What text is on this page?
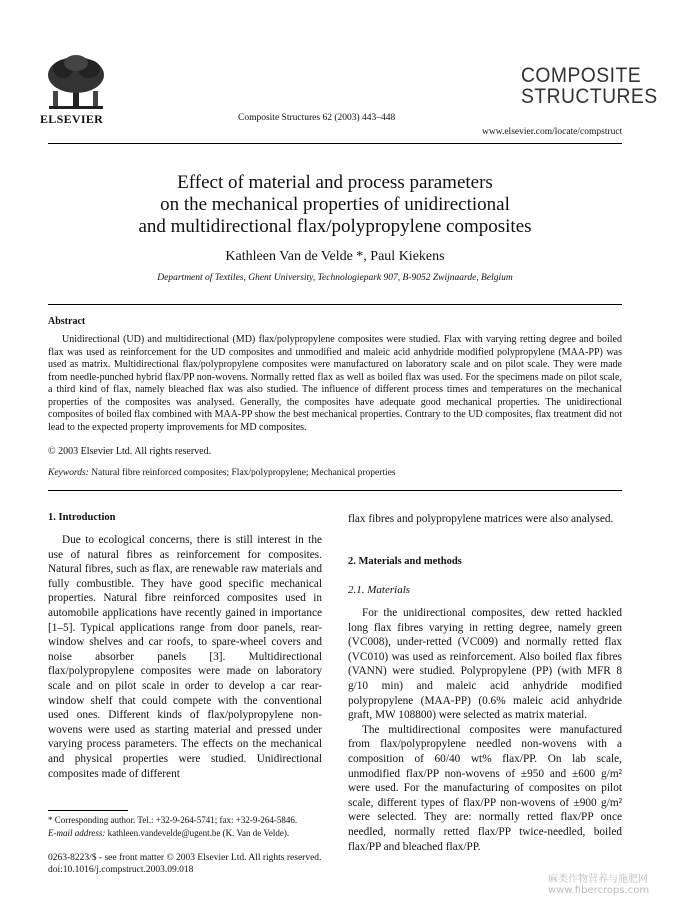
ELSEVIER	Composite Structures 62 (2003) 443–448
COMPOSITE
STRUCTURES
www.elsevier.com/locate/compstruct
Effect of material and process parameters
on the mechanical properties of unidirectional
and multidirectional flax/polypropylene composites
Kathleen Van de Velde *, Paul Kiekens
Department of Textiles, Ghent University, Technologiepark 907, B-9052 Zwijnaarde, Belgium
Abstract
Unidirectional (UD) and multidirectional (MD) flax/polypropylene composites were studied. Flax with varying retting degree and boiled flax was used as reinforcement for the UD composites and unmodified and maleic acid anhydride modified polypropylene (MAA-PP) was used as matrix. Multidirectional flax/polypropylene composites were manufactured on laboratory scale and on pilot scale. They were made from needle-punched hybrid flax/PP non-wovens. Normally retted flax as well as boiled flax was used. For the specimens made on pilot scale, a third kind of flax, namely bleached flax was also studied. The influence of different process times and temperatures on the mechanical properties of the composites was analysed. Generally, the composites have adequate good mechanical properties. The unidirectional composites of boiled flax combined with MAA-PP show the best mechanical properties. Contrary to the UD composites, flax treatment did not lead to the expected property improvements for MD composites.
© 2003 Elsevier Ltd. All rights reserved.
Keywords: Natural fibre reinforced composites; Flax/polypropylene; Mechanical properties
1. Introduction

Due to ecological concerns, there is still interest in the use of natural fibres as reinforcement for composites. Natural fibres, such as flax, are renewable raw materials and fully combustible. They have good specific mechanical properties. Natural fibre reinforced composites used in automobile applications have recently gained in importance [1–5]. Typical applications range from door panels, rear-window shelves and car roofs, to spare-wheel covers and noise absorber panels [3]. Multidirectional flax/polypropylene composites were made on laboratory scale and on pilot scale in order to develop a car rear-window shelf that could compete with the conventional used ones. Different kinds of flax/polypropylene non-wovens were used as starting material and pressed under varying process parameters. The effects on the mechanical and physical properties were studied. Unidirectional composites made of different

flax fibres and polypropylene matrices were also analysed.
2. Materials and methods
2.1. Materials

For the unidirectional composites, dew retted hackled long flax fibres varying in retting degree, namely green (VC008), under-retted (VC009) and normally retted flax (VC010) was used as reinforcement. Also boiled flax fibres (VANN) were studied. Polypropylene (PP) (with MFR 8 g/10 min) and maleic acid anhydride modified polypropylene (MAA-PP) (0.6% maleic acid anhydride graft, MW 108800) were selected as matrix material.

The multidirectional composites were manufactured from flax/polypropylene needled non-wovens with a composition of 60/40 wt% flax/PP. On lab scale, unmodified flax/PP non-wovens of ±950 and ±600 g/m² were used. For the manufacturing of composites on pilot scale, different types of flax/PP non-wovens of ±900 g/m² were selected. They are: normally retted flax/PP once needled, normally retted flax/PP twice-needled, boiled flax/PP and bleached flax/PP.

* Corresponding author. Tel.: +32-9-264-5741; fax: +32-9-264-5846.
E-mail address: kathleen.vandevelde@ugent.be (K. Van de Velde).
0263-8223/$ - see front matter © 2003 Elsevier Ltd. All rights reserved.
doi:10.1016/j.compstruct.2003.09.018
麻类作物营养与施肥网
www.fibercrops.com
